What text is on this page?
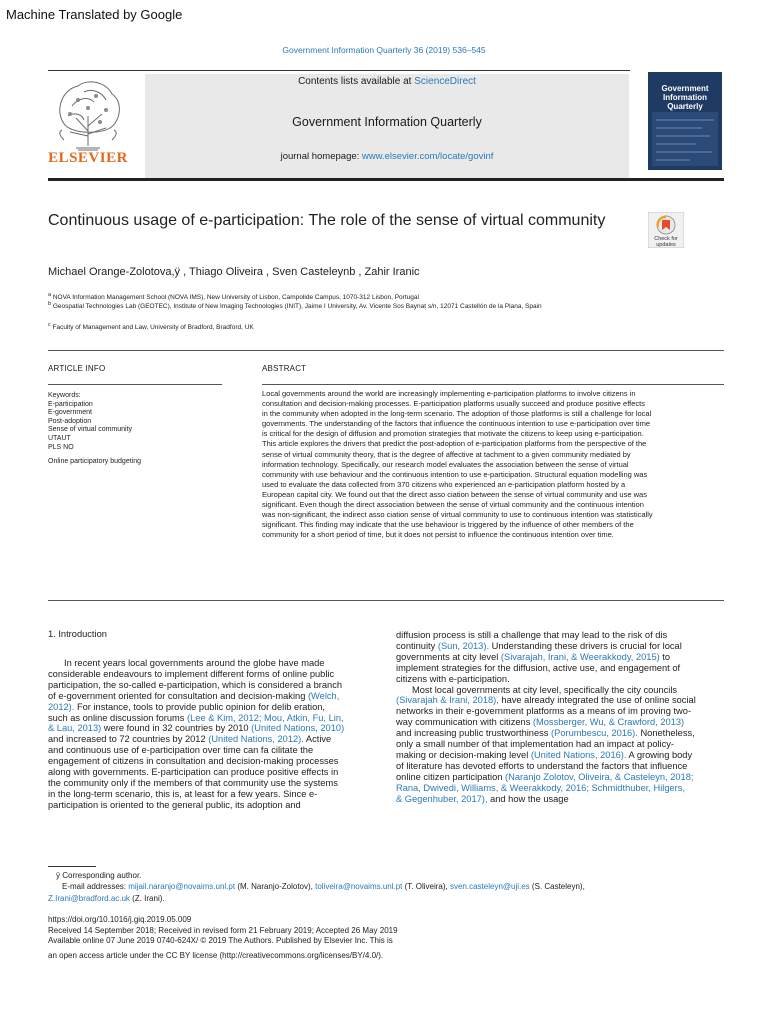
Machine Translated by Google
Government Information Quarterly 36 (2019) 536–545
ELSEVIER
Contents lists available at ScienceDirect
Government Information Quarterly
journal homepage: www.elsevier.com/locate/govinf
Government Information Quarterly
Continuous usage of e-participation: The role of the sense of virtual community
Check for updates
Michael Orange-Zolotova,ÿ , Thiago Oliveira , Sven Casteleynb , Zahir Iranic
$^a$ NOVA Information Management School (NOVA IMS), New University of Lisbon, Campolide Campus, 1070-312 Lisbon, Portugal
$^b$ Geospatial Technologies Lab (GEOTEC), Institute of New Imaging Technologies (INIT), Jaime I University, Av. Vicente Sos Baynat s/n, 12071 Castellón de la Plana, Spain
$^c$ Faculty of Management and Law, University of Bradford, Bradford, UK
ARTICLE INFO
Keywords:
E-participation
E-government
Post-adoption
Sense of virtual community
UTAUT
PLS NO
Online participatory budgeting
ABSTRACT
Local governments around the world are increasingly implementing e-participation platforms to involve citizens in
consultation and decision-making processes. E-participation platforms usually succeed and produce positive effects
in the community when adopted in the long-term scenario. The adoption of those platforms is still a challenge for local
governments. The understanding of the factors that influence the continuous intention to use e-participation over time
is critical for the design of diffusion and promotion strategies that motivate the citizens to keep using e-participation.
This article explores the drivers that predict the post-adoption of e-participation platforms from the perspective of the
sense of virtual community theory, that is the degree of affective at tachment to a given community mediated by
information technology. Specifically, our research model evaluates the association between the sense of virtual
community with use behaviour and the continuous intention to use e-participation. Structural equation modelling was
used to evaluate the data collected from 370 citizens who experienced an e-participation platform hosted by a
European capital city. We found out that the direct asso ciation between the sense of virtual community and use was
significant. Even though the direct association between the sense of virtual community and the continuous intention
was non-significant, the indirect asso ciation sense of virtual community to use to continuous intention was statistically
significant. This finding may indicate that the use behaviour is triggered by the influence of other members of the
community for a short period of time, but it does not persist to influence the continuous intention over time.
1. Introduction
In recent years local governments around the globe have made
considerable endeavours to implement different forms of online public
participation, the so-called e-participation, which is considered a branch
of e-government oriented for consultation and decision-making (Welch,
2012). For instance, tools to provide public opinion for delib eration,
such as online discussion forums (Lee & Kim, 2012; Mou, Atkin, Fu, Lin,
& Lau, 2013) were found in 32 countries by 2010 (United Nations, 2010)
and increased to 72 countries by 2012 (United Nations, 2012). Active
and continuous use of e-participation over time can fa cilitate the
engagement of citizens in consultation and decision-making processes
along with governments. E-participation can produce positive effects in
the community only if the members of that community use the systems
in the long-term scenario, this is, at least for a few years. Since e-
participation is oriented to the general public, its adoption and
diffusion process is still a challenge that may lead to the risk of dis
continuity (Sun, 2013). Understanding these drivers is crucial for local
governments at city level (Sivarajah, Irani, & Weerakkody, 2015) to
implement strategies for the diffusion, active use, and engagement of
citizens with e-participation.
Most local governments at city level, specifically the city councils
(Sivarajah & Irani, 2018), have already integrated the use of online social
networks in their e-government platforms as a means of im proving two-
way communication with citizens (Mossberger, Wu, & Crawford, 2013)
and increasing public trustworthiness (Porumbescu, 2016). Nonetheless,
only a small number of that implementation had an impact at policy-
making or decision-making level (United Nations, 2016). A growing body
of literature has devoted efforts to understand the factors that influence
online citizen participation (Naranjo Zolotov, Oliveira, & Casteleyn, 2018;
Rana, Dwivedi, Williams, & Weerakkody, 2016; Schmidthuber, Hilgers,
& Gegenhuber, 2017), and how the usage
ÿ Corresponding author.
E-mail addresses: mijail.naranjo@novaims.unl.pt (M. Naranjo-Zolotov), toliveira@novaims.unl.pt (T. Oliveira), sven.casteleyn@uji.es (S. Casteleyn),
Z.Irani@bradford.ac.uk (Z. Irani).
https://doi.org/10.1016/j.giq.2019.05.009
Received 14 September 2018; Received in revised form 21 February 2019; Accepted 26 May 2019
Available online 07 June 2019 0740-624X/ © 2019 The Authors. Published by Elsevier Inc. This is
an open access article under the CC BY license (http://creativecommons.org/licenses/BY/4.0/).
